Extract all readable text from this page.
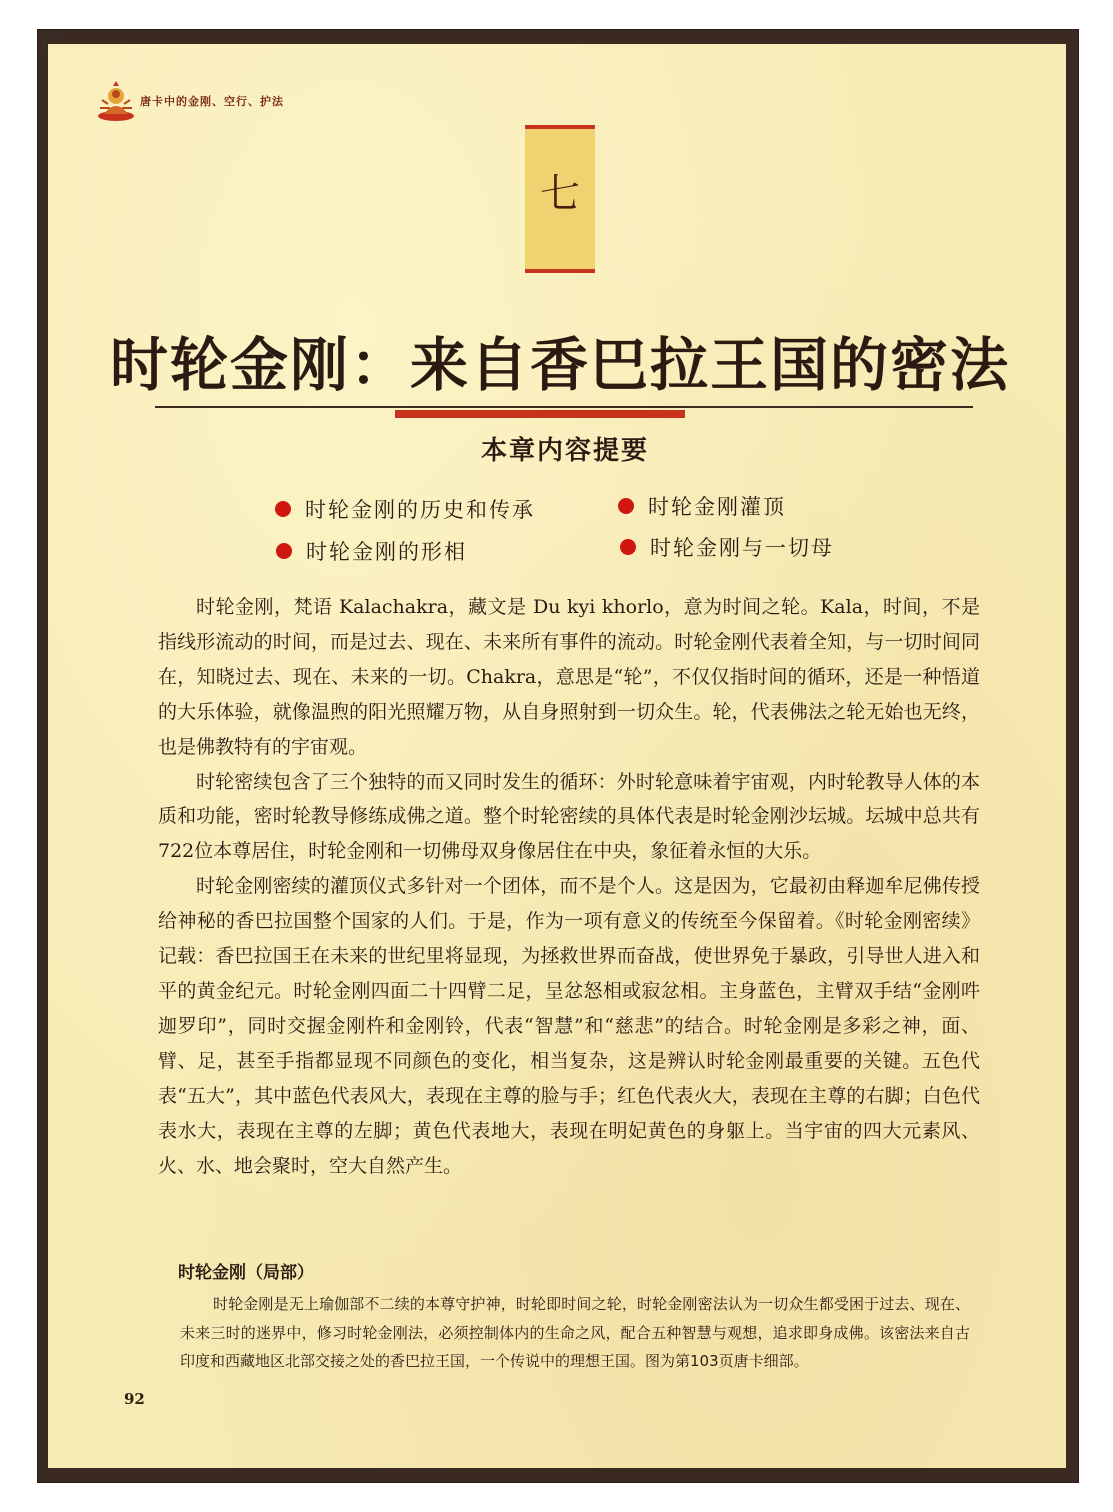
唐卡中的金刚、空行、护法
七
时轮金刚：来自香巴拉王国的密法
本章内容提要
时轮金刚的历史和传承	时轮金刚灌顶
时轮金刚的形相	时轮金刚与一切母

时轮金刚，梵语 Kalachakra，藏文是 Du kyi khorlo，意为时间之轮。Kala，时间，不是指线形流动的时间，而是过去、现在、未来所有事件的流动。时轮金刚代表着全知，与一切时间同在，知晓过去、现在、未来的一切。Chakra，意思是“轮”，不仅仅指时间的循环，还是一种悟道的大乐体验，就像温煦的阳光照耀万物，从自身照射到一切众生。轮，代表佛法之轮无始也无终，也是佛教特有的宇宙观。

时轮密续包含了三个独特的而又同时发生的循环：外时轮意味着宇宙观，内时轮教导人体的本质和功能，密时轮教导修练成佛之道。整个时轮密续的具体代表是时轮金刚沙坛城。坛城中总共有722位本尊居住，时轮金刚和一切佛母双身像居住在中央，象征着永恒的大乐。

时轮金刚密续的灌顶仪式多针对一个团体，而不是个人。这是因为，它最初由释迦牟尼佛传授给神秘的香巴拉国整个国家的人们。于是，作为一项有意义的传统至今保留着。《时轮金刚密续》记载：香巴拉国王在未来的世纪里将显现，为拯救世界而奋战，使世界免于暴政，引导世人进入和平的黄金纪元。时轮金刚四面二十四臂二足，呈忿怒相或寂忿相。主身蓝色，主臂双手结“金刚吽迦罗印”，同时交握金刚杵和金刚铃，代表“智慧”和“慈悲”的结合。时轮金刚是多彩之神，面、臂、足，甚至手指都显现不同颜色的变化，相当复杂，这是辨认时轮金刚最重要的关键。五色代表“五大”，其中蓝色代表风大，表现在主尊的脸与手；红色代表火大，表现在主尊的右脚；白色代表水大，表现在主尊的左脚；黄色代表地大，表现在明妃黄色的身躯上。当宇宙的四大元素风、火、水、地会聚时，空大自然产生。

时轮金刚（局部）

时轮金刚是无上瑜伽部不二续的本尊守护神，时轮即时间之轮，时轮金刚密法认为一切众生都受困于过去、现在、未来三时的迷界中，修习时轮金刚法，必须控制体内的生命之风，配合五种智慧与观想，追求即身成佛。该密法来自古印度和西藏地区北部交接之处的香巴拉王国，一个传说中的理想王国。图为第103页唐卡细部。

92
